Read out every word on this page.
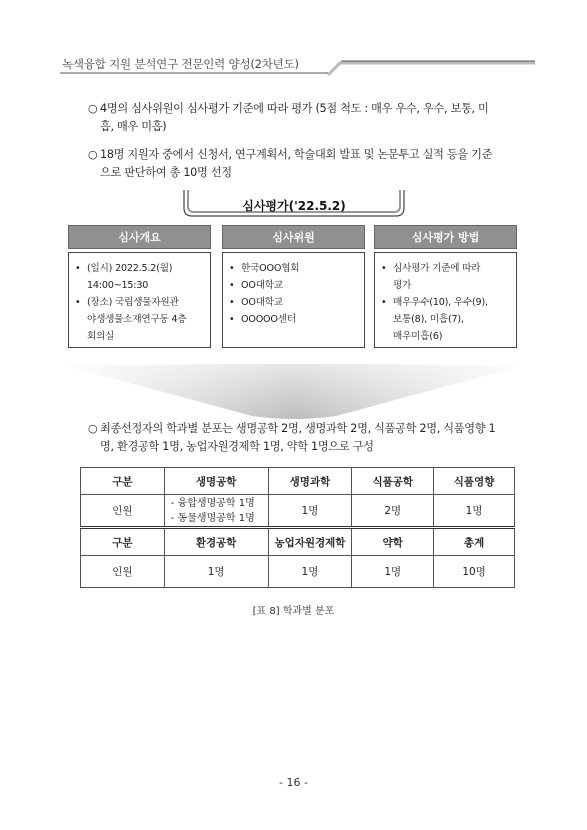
녹색융합 지원 분석연구 전문인력 양성(2차년도)
○ 4명의 심사위원이 심사평가 기준에 따라 평가 (5점 척도 : 매우 우수, 우수, 보통, 미
흡, 매우 미흡)
○ 18명 지원자 중에서 신청서, 연구계획서, 학술대회 발표 및 논문투고 실적 등을 기준
으로 판단하여 총 10명 선정
심사평가('22.5.2)
심사개요	심사위원	심사평가 방법
• (일시) 2022.5.2(월)
14:00~15:30
• (장소) 국립생물자원관
야생생물소재연구동 4층
회의실
• 한국OOO협회
• OO대학교
• OO대학교
• OOOOO센터
• 심사평가 기준에 따라
평가
• 매우우수(10), 우수(9),
보통(8), 미흡(7),
매우미흡(6)
○ 최종선정자의 학과별 분포는 생명공학 2명, 생명과학 2명, 식품공학 2명, 식품영향 1
명, 환경공학 1명, 농업자원경제학 1명, 약학 1명으로 구성
구분	생명공학	생명과학	식품공학	식품영향
인원	- 융합생명공학 1명
- 동물생명공학 1명	1명	2명	1명
구분	환경공학	농업자원경제학	약학	총계
인원	1명	1명	1명	10명
[표 8] 학과별 분포
- 16 -
